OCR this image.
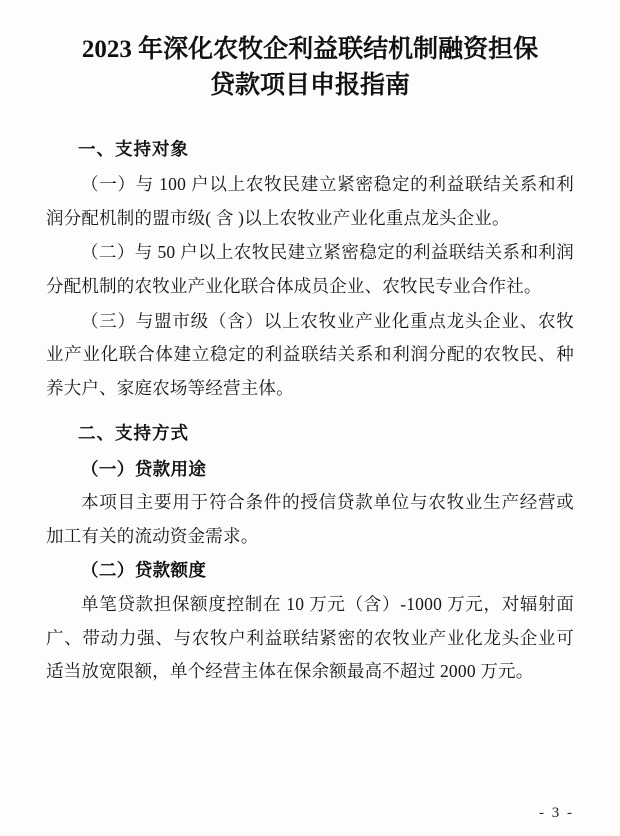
2023 年深化农牧企利益联结机制融资担保
贷款项目申报指南
一、支持对象

（一）与 100 户以上农牧民建立紧密稳定的利益联结关系和利润分配机制的盟市级( 含 )以上农牧业产业化重点龙头企业。

（二）与 50 户以上农牧民建立紧密稳定的利益联结关系和利润分配机制的农牧业产业化联合体成员企业、农牧民专业合作社。

（三）与盟市级（含）以上农牧业产业化重点龙头企业、农牧业产业化联合体建立稳定的利益联结关系和利润分配的农牧民、种养大户、家庭农场等经营主体。

二、支持方式

（一）贷款用途

本项目主要用于符合条件的授信贷款单位与农牧业生产经营或加工有关的流动资金需求。

（二）贷款额度

单笔贷款担保额度控制在 10 万元（含）-1000 万元，对辐射面广、带动力强、与农牧户利益联结紧密的农牧业产业化龙头企业可适当放宽限额，单个经营主体在保余额最高不超过 2000 万元。

- 3 -
